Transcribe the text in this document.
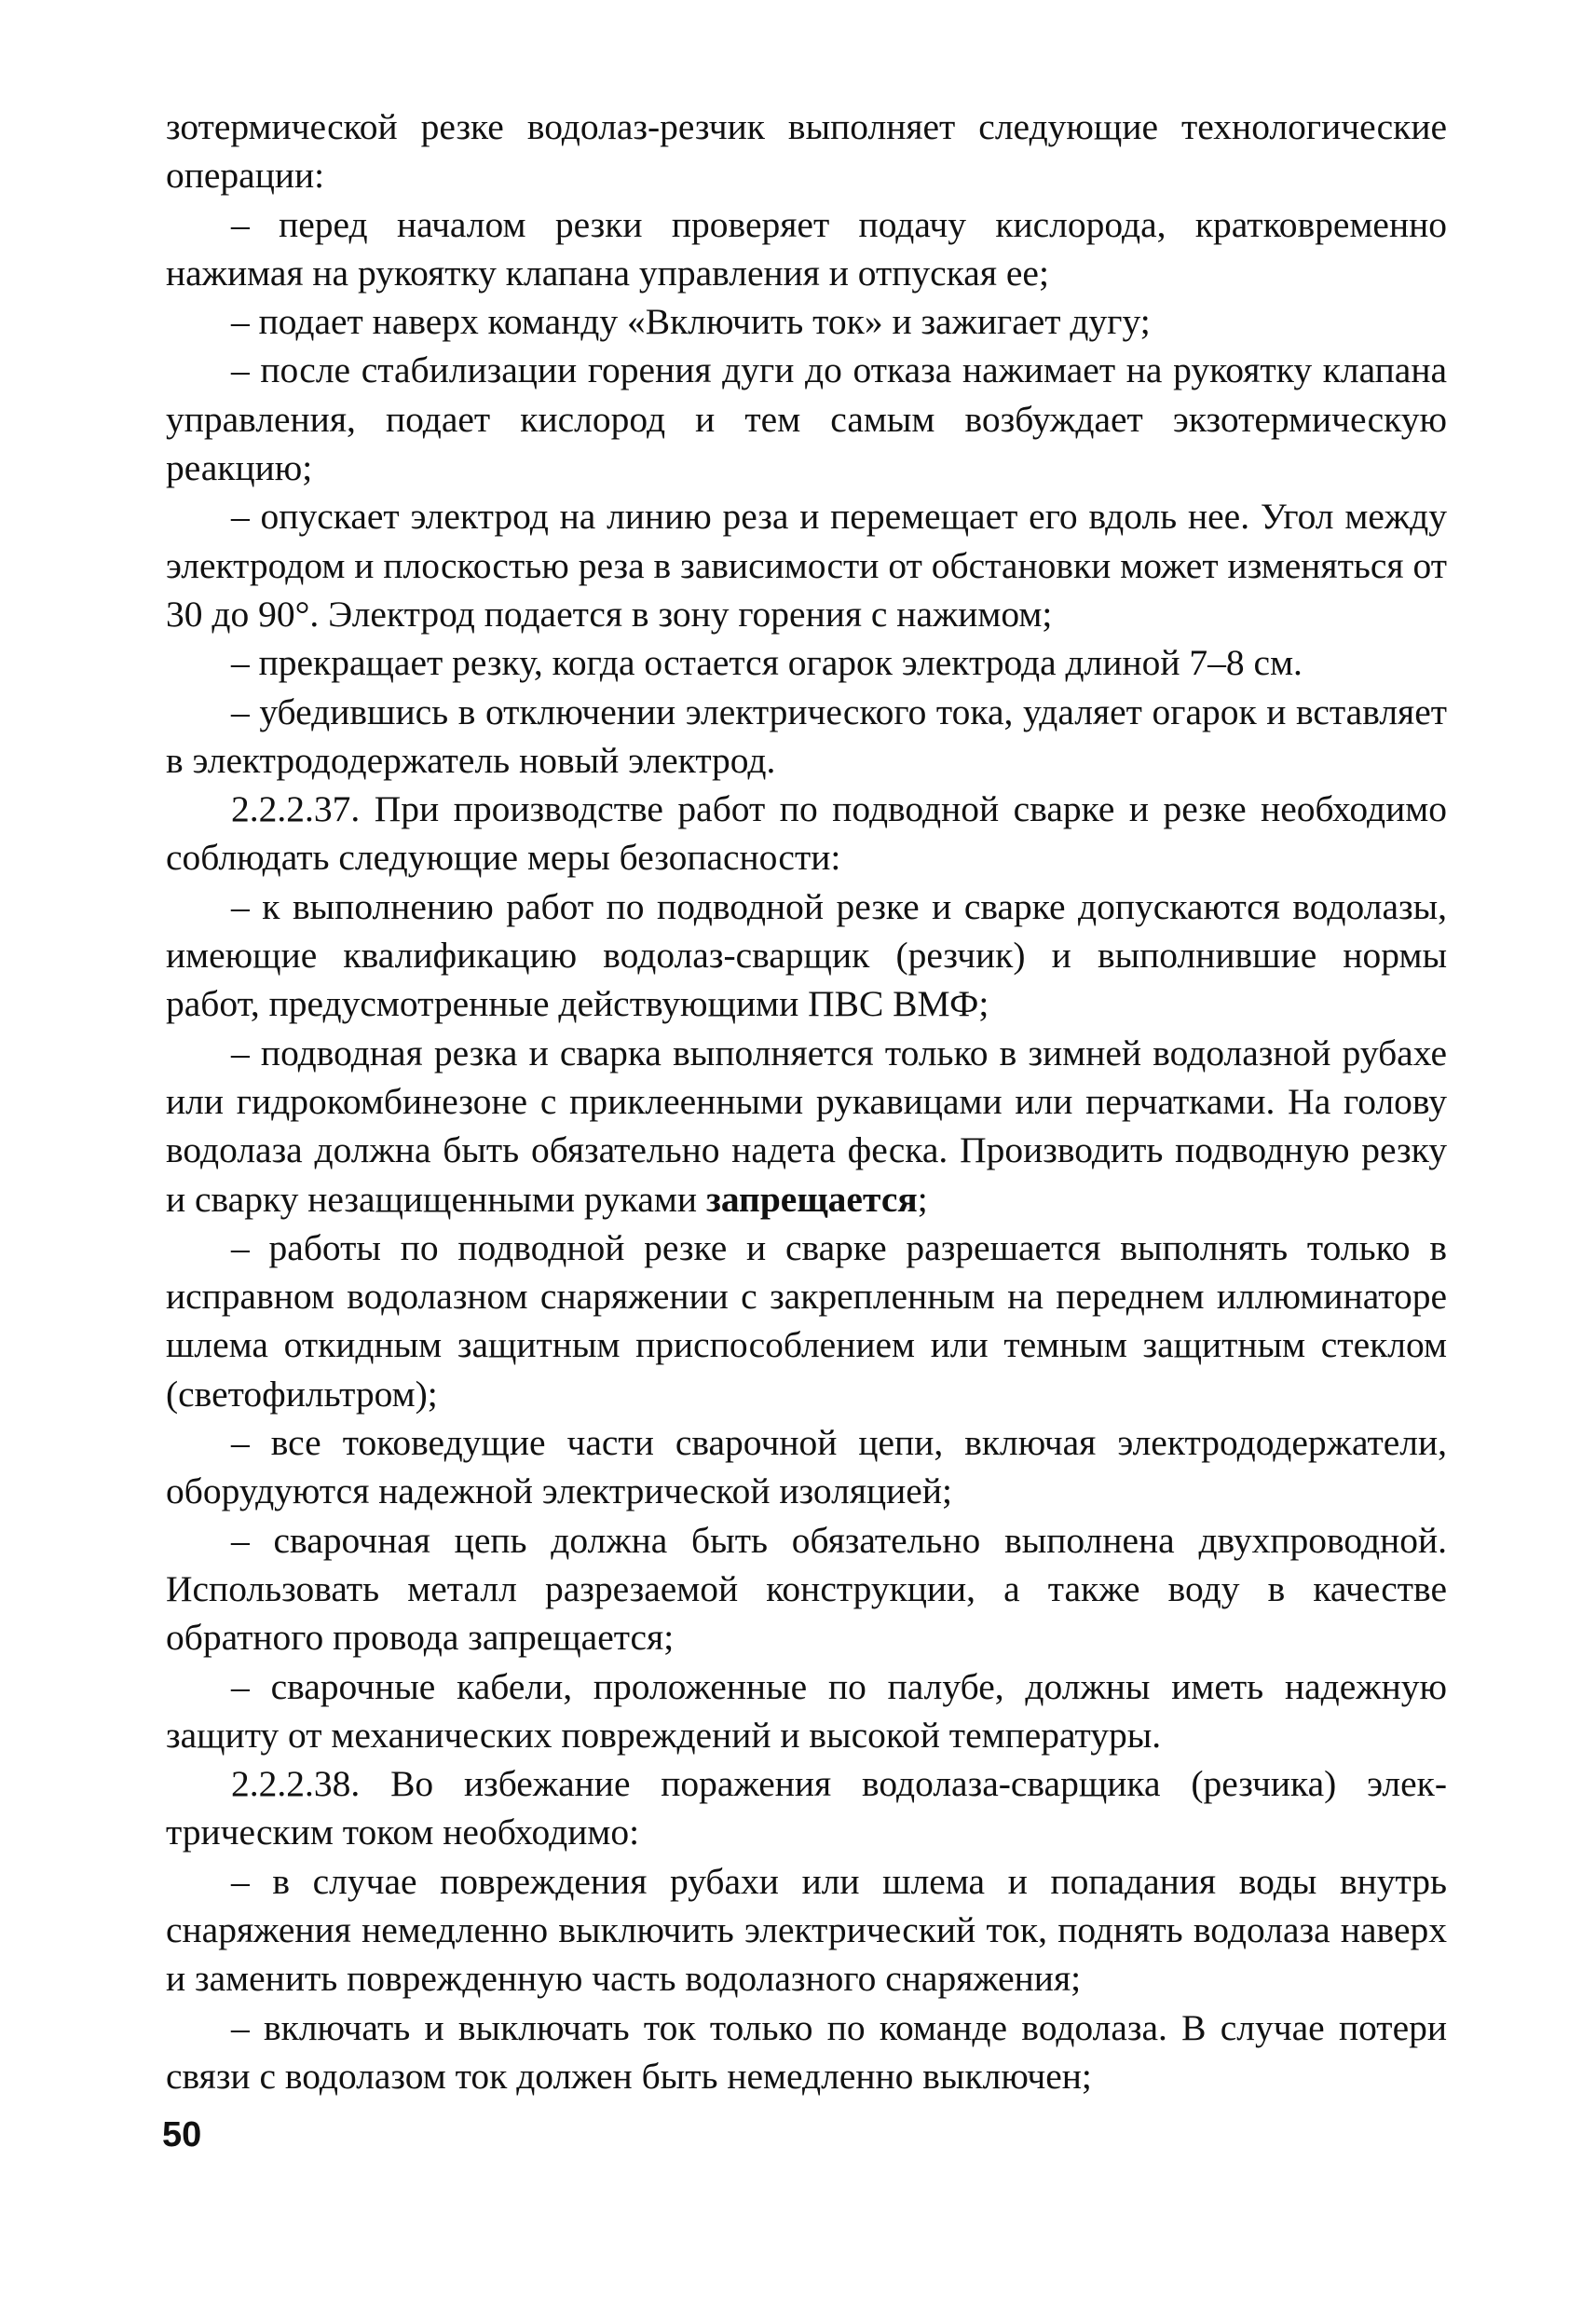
зотермической резке водолаз-резчик выполняет следующие технологические операции:

– перед началом резки проверяет подачу кислорода, кратковременно нажимая на рукоятку клапана управления и отпуская ее;

– подает наверх команду «Включить ток» и зажигает дугу;

– после стабилизации горения дуги до отказа нажимает на рукоятку клапана управления, подает кислород и тем самым возбуждает экзотермическую реакцию;

– опускает электрод на линию реза и перемещает его вдоль нее. Угол между электродом и плоскостью реза в зависимости от обстановки может изменяться от 30 до 90°. Электрод подается в зону горения с нажимом;

– прекращает резку, когда остается огарок электрода длиной 7–8 см.

– убедившись в отключении электрического тока, удаляет огарок и вставляет в электрододержатель новый электрод.

2.2.2.37. При производстве работ по подводной сварке и резке необходимо соблюдать следующие меры безопасности:

– к выполнению работ по подводной резке и сварке допускаются водолазы, имеющие квалификацию водолаз-сварщик (резчик) и выполнившие нормы работ, предусмотренные действующими ПВС ВМФ;

– подводная резка и сварка выполняется только в зимней водолазной рубахе или гидрокомбинезоне с приклеенными рукавицами или перчатками. На голову водолаза должна быть обязательно надета феска. Производить подводную резку и сварку незащищенными руками запрещается;

– работы по подводной резке и сварке разрешается выполнять только в исправном водолазном снаряжении с закрепленным на переднем иллюминаторе шлема откидным защитным приспособлением или темным защитным стеклом (светофильтром);

– все токоведущие части сварочной цепи, включая электрододержатели, оборудуются надежной электрической изоляцией;

– сварочная цепь должна быть обязательно выполнена двухпроводной. Использовать металл разрезаемой конструкции, а также воду в качестве обратного провода запрещается;

– сварочные кабели, проложенные по палубе, должны иметь надежную защиту от механических повреждений и высокой температуры.

2.2.2.38. Во избежание поражения водолаза-сварщика (резчика) электрическим током необходимо:

– в случае повреждения рубахи или шлема и попадания воды внутрь снаряжения немедленно выключить электрический ток, поднять водолаза наверх и заменить поврежденную часть водолазного снаряжения;

– включать и выключать ток только по команде водолаза. В случае потери связи с водолазом ток должен быть немедленно выключен;

50
